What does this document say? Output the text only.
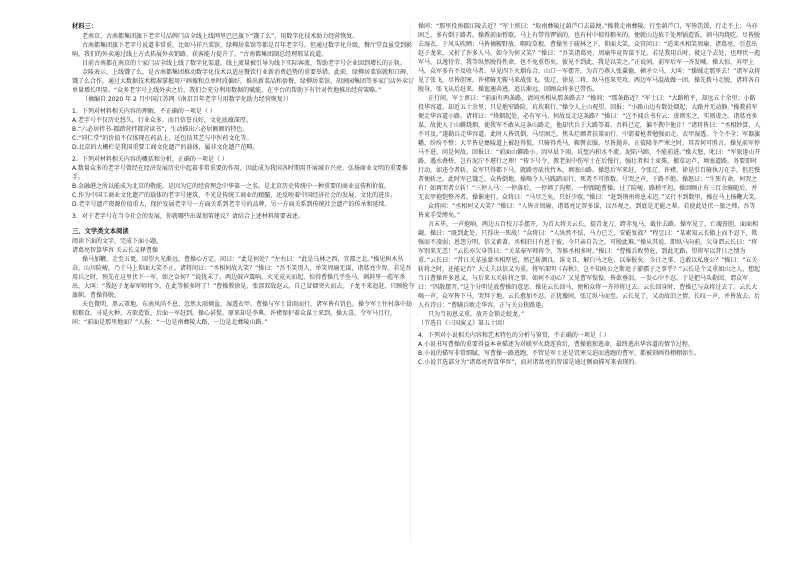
材料三：

老南京、古南都集团旗下老字号品牌门店全线上线网里巴巴旗下“饿了么”，用数字化技术助力经营恢复。

古南都集团旗下老字号说道非常重，比如马祥兴菜馆、绿柳居菜馆等都是百年老字号。但通过数字化升级，餐厅堂食虽受到影响，我们的外卖通过线上方式拓展外卖销路，获客能力提升了。“古南都集团副总经理邢某说道。

目前古南都在南京的十家门店全线上线了数字化渠道，线上流量被引导为线下实际客流，帮助老字号企业回到增长的正轨。

金陵表示，上线饿了么，是古南都集团推动数字化技术以适应餐饮行业新消费趋势的重要举措。此前，绿柳居菜馆就和口碑、饿了么合作，通过大数据技术精准掌握用户画像和点单时段偏好，推出新菜品和套餐，绿柳居菜馆、胡润园集团等多家门店外卖订单量增长明显。“众多老字号上线外卖之后，我们会充分利用数据的赋能，在平台的帮助下有针对性地推出经营策略。”

（摘编自 2020 年 2 月中国江苏网《南京百年老字号用数字化助力经营恢复》）

1．下列对材料相关内容的理解，不正确的一项是（ ）

A.老字号不仅历史悠久，行业众多，而且信誉良好，文化底蕴深厚。

B.“六必居拌书-都踏营拌都营读书”，生动描出六必居匾额的特色。

C.“同仁堂”的价值不仅体现在药品上，还包括其艺与中医药文化等。

D.北京的大栅栏是我国重要工商文化遗产的载体，属非文化遗产范畴。

2．下列对材料相关内容的概括和分析，正确的一项是（ ）

A.数量众多的老字号曾经在经济发展历史中起着非常重要的作用，因此成为我国各时期用开展城市兴亮、弘扬商业文明的重要推手。

B.金融港之所以能成为北京的敬能，是因为它的经营理念中华第一之名，是北京历史传统中一种重要的商业宣传和价值。

C.作为中国工商业文化遗产的载体的老字号建筑，不光是传统工商业的精髓，还反映着中国经济社会的发展，文化的进步。

D.老字号遗产资源价值重大，保护发展老字号一方面关系到老字号的品牌，另一方面关系到传统社会遗产的传承和延续。

3．对于老字号在当今社会的发展，你就哪些出谋划策建议？请结合上述材料简要表述。

三、文学类文本阅读

阅读下面的文字，完成下面小题。

诸葛亮智算华容 关云长义释曹操

操马加鞭，走至五更，回望火光渐远，曹操心方定，问曰：“此是何处？”左右曰：“此是乌林之西，宜都之北。”操见树木丛杂，山川险峻，乃于马上仰面大笑不止。诸将问曰：“丞相何故大笑？”操曰：“吾不笑别人，单笑周瑜无谋，诸葛亮少智。若是吾用兵之时，预先在这里伏下一军，如之奈何？”说犹未了，两边鼓声震响，火光竟天而起，惊得曹操几乎坠马。刺斜里一彪军杀出，大叫：“我赵子龙奉军师将令，在此等候多时了！”曹操教徐晃、张郃双敌赵云，自己冒烟突火而去。子龙不来追赶，只顾抢夺旗帜。曹操得脱。

天色微明，黑云罩地，东南风尚不息。忽然大雨倾盆，湿透衣甲。曹操与军士冒雨而行，诸军皆有饥色。操令军士往村落中劫掠粮食，寻觅火种。方欲造饭，后面一军赶到。操心甚慌。原来却是李典、许褚保护着众谋士来到。操大喜，令军马且行，问：“前面是那里地面？”人报：“一边是南彝陵大路，一边是北彝陵山路。”

操问：“那里投南郡江陵去近？”军士禀曰：“取南彝陵过葫芦口去最便。”操教走南彝陵。行至葫芦口，军皆饥馁，行走不上；马亦困乏，多有倒于路者。操教前面暂歇。马上有带得锣锅的，也有村中掠得粮米的，便就山边拣干处埋锅造饭，割马肉烧吃。尽皆脱去湿衣，于风头吹晒；马皆摘鞍野放，咽咬草根。曹操坐于疏林之下，仰面大笑。众官问曰：“适来丞相笑周瑜、诸葛亮，引惹出赵子龙来，又折了许多人马。如今为何又笑？”操曰：“吾笑诸葛亮、周瑜毕竟智谋不足。若是我用兵时，就这个去处，也埋伏一彪军马，以逸待劳，我等纵然脱得性命，也不免重伤矣。彼见不到此，我是以笑之。”正说间，前军后军一齐发喊。操大惊，弃甲上马。众军多有不及收马者。早见四下火烟布合，山口一军摆开，为首乃燕人张翼德，横矛立马，大叫：“操贼走那里去！”诸军众将见了张飞，尽皆胆寒。许褚骑无鞍马来战张飞。张辽、徐晃二将，纵马也来夹攻。两边军马混战做一团。操先拨马走脱，诸将各自脱身。张飞从后赶来。操迤逦奔逃，追兵渐远，回顾众将多已带伤。

正行间，军士禀曰：“前面有两条路，请问丞相从那条路去？”操问：“那条路近？”军士曰：“大路稍平，却远五十余里；小路投华容道，却近五十余里；只是地窄路险，坑坎难行。”操令人上山观望，回报：“小路山边有数处烟起；大路并无动静。”操教前军便走华容道小路。诸将曰：“烽烟起处，必有军马，何故反走这条路？”操曰：“岂不闻兵书有云：虚则实之，实则虚之。诸葛亮多谋，故使人于山僻烧烟，使我军不敢从这条山路走，他却伏兵于大路等着。吾料已定，偏不教中他计！”诸将皆曰：“丞相妙算，人不可及。”遂勒兵走华容道。此时人皆饥倒，马尽困乏。焦头烂额者扶策而行，中箭着枪者勉强而走。衣甲湿透，个个不全；军器旗幡，纷纷不整：大半皆是彝陵道上被赶得慌，只骑得秃马，鞍辔衣服，尽皆抛弃。正值隆冬严寒之时，其苦何可胜言。操见前军停马不进，问是何故。回报曰：“前面山僻路小，因早晨下雨，坑堑内积水不流，泥陷马蹄，不能前进。”操大怒，叱曰：“军旅逢山开路，遇水叠桥，岂有泥泞不堪行之理！”传下号令，教老弱中伤军士在后慢行，强壮者担土束柴，搬草运芦，填塞道路。务要即时行动，如违令者斩。众军只得都下马，就路旁砍伐竹木，填塞山路。操恐后军来赶，令张辽、许褚、徐晃引百骑执刀在手，但迟慢者便斩之。此时军已饿乏，众皆倒地，操喝令人马践踏而行，死者不可胜数。号哭之声，于路不绝。操怒曰：“生死有命，何哭之有！如再哭者立斩！”三停人马：一停落后，一停填了沟壑，一停跟随曹操。过了险峻，路稍平坦。操回顾止有三百余骑随后，并无衣甲袍铠整齐者。操催速行。众将曰：“马尽乏矣，只好少歇。”操曰：“赶到荆州将息未迟。”又行不到数里，操在马上扬鞭大笑。

众将问：“丞相何又大笑？”操曰：“人皆言周瑜、诸葛亮足智多谋，以吾观之，到底是无能之辈。若使此处伏一旅之师，吾等皆束手受缚矣。”

言未毕，一声炮响，两边五百校刀手摆开，为首大将关云长，提青龙刀，跨赤兔马，截住去路。操军见了，亡魂丧胆，面面相觑。操曰：“既到此处，只得决一死战！”众将曰：“人纵然不怯，马力已乏，安能复战？”程昱曰：“某素知云长傲上而不忍下，欺强而不凌弱；恩怨分明，信义素著。丞相旧日有恩于彼，今只亲自告之，可脱此难。”操从其说，即纵马向前，欠身谓云长曰：“将军别来无恙！”云长亦欠身答曰：“关某奉军师将令，等候丞相多时。”操曰：“曹操兵败势危，到此无路，望将军以昔日之情为重。”云长曰：“昔日关某虽蒙丞相厚恩，然已斩颜良，诛文丑，解白马之危，以奉报矣。今日之事，岂敢以私废公？”操曰：“五关斩将之时，还能记否？大丈夫以信义为重。将军深明《春秋》，岂不知庾公之斯追子濯孺子之事乎？”云长是个义重如山之人，想起当日曹操许多恩义，与后来五关斩将之事，如何不动心？又见曹军惶惶，皆欲垂泪，一发心中不忍。于是把马头勒回，谓众军曰：“四散摆开。”这个分明是放曹操的意思。操见云长回马，便和众将一齐冲将过去。云长回身时，曹操已与众将过去了。云长大喝一声，众军皆下马，哭拜于地。云长愈加不忍。正犹豫间，张辽纵马而至。云长见了，又动故旧之情，长叹一声，并皆放去。后人有诗曰：“曹瞒兵败走华容，正与关公狭路逢。

只为当初恩义重，放开金锁走蛟龙。”

（节选自《三国演义》第五十回）

4．下列对小说相关内容和艺术特色的分析与鉴赏，不正确的一项是（ ）

A.小说书写曹操的重要得益本章描述为对联军火烧连营后，曹操狼狈逃命，最终逃出华容道的情节过程。

B.小说的描写非常细腻，写曹操一路逃跑，不管是军士还是饥寒交迫而逃跑的曹军，都被刻画得栩栩如生。

C.小说节选部分为“诸葛亮智算华容”，而对诸葛亮的智谋是通过侧面描写来表现的。
